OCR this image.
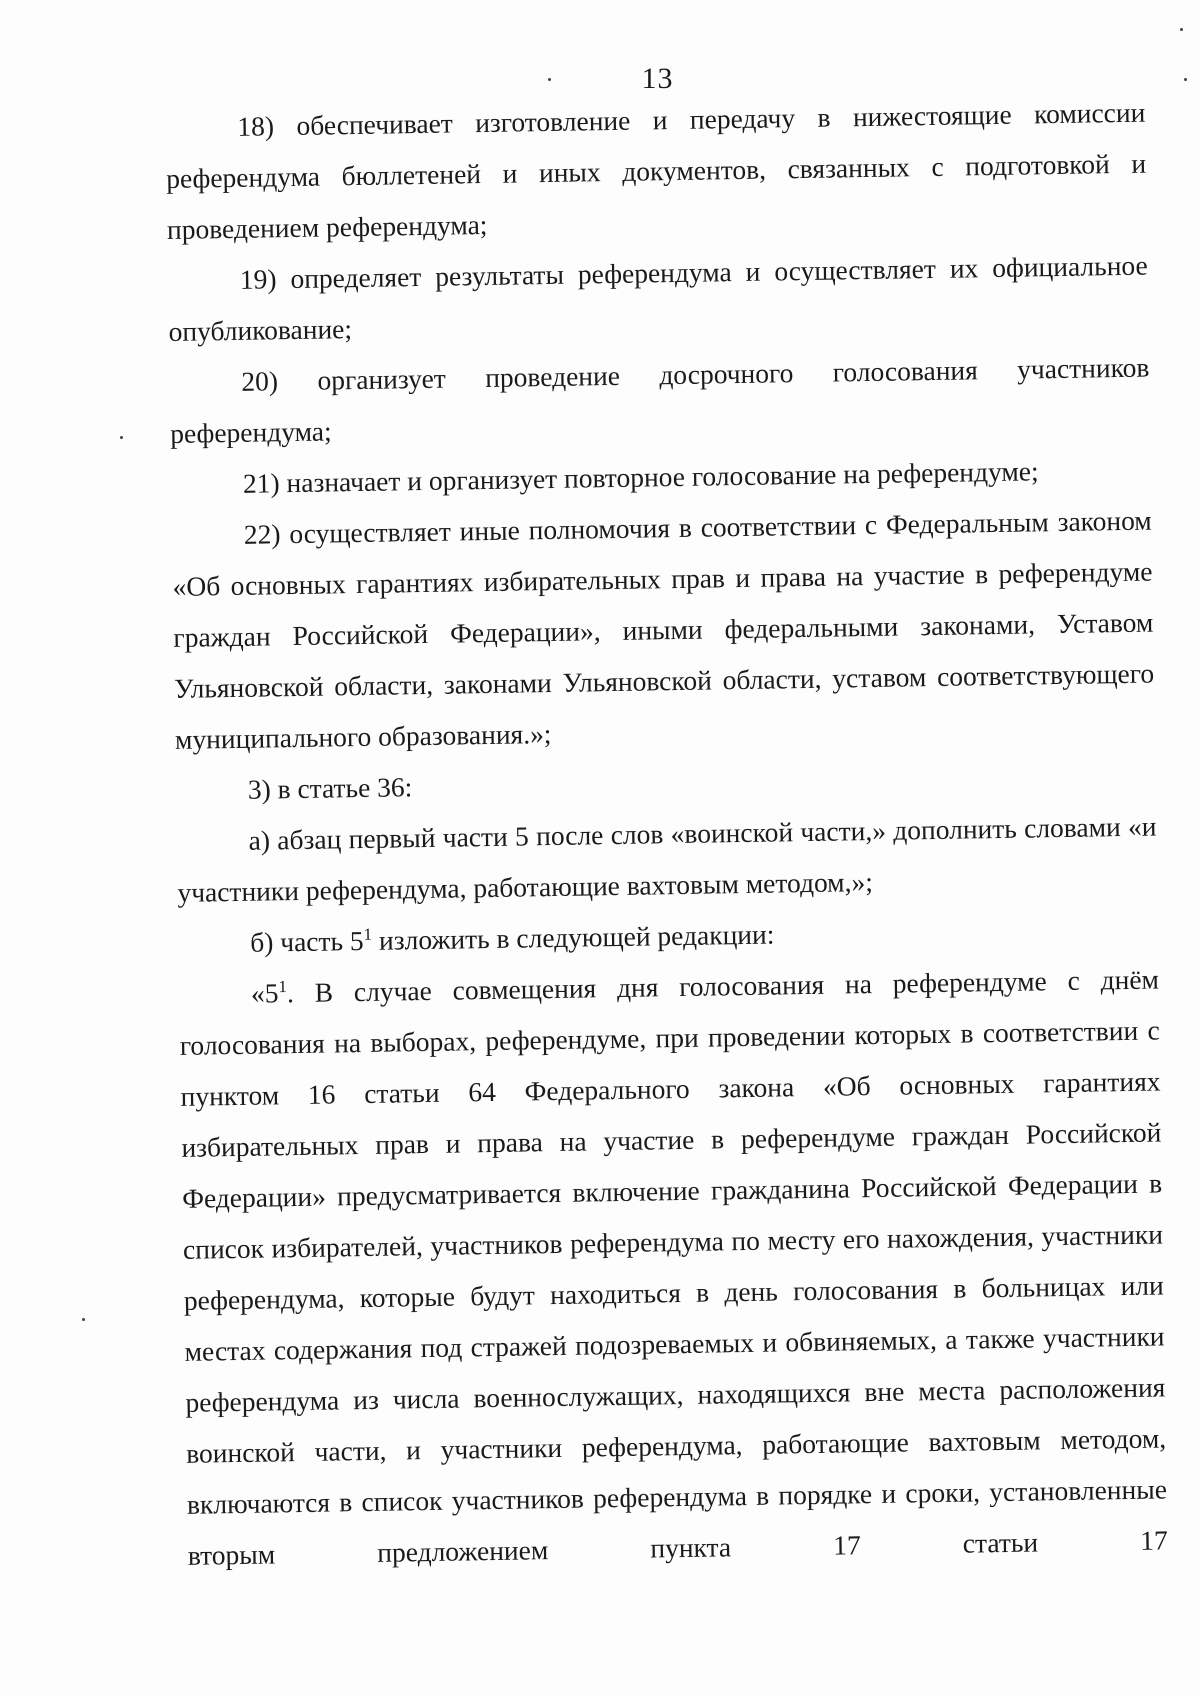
13

18) обеспечивает изготовление и передачу в нижестоящие комиссии референдума бюллетеней и иных документов, связанных с подготовкой и проведением референдума;

19) определяет результаты референдума и осуществляет их официальное опубликование;

20) организует проведение досрочного голосования участников референдума;

21) назначает и организует повторное голосование на референдуме;

22) осуществляет иные полномочия в соответствии с Федеральным законом «Об основных гарантиях избирательных прав и права на участие в референдуме граждан Российской Федерации», иными федеральными законами, Уставом Ульяновской области, законами Ульяновской области, уставом соответствующего муниципального образования.»;

3) в статье 36:

а) абзац первый части 5 после слов «воинской части,» дополнить словами «и участники референдума, работающие вахтовым методом,»;

б) часть $5^1$ изложить в следующей редакции:

«$5^1$. В случае совмещения дня голосования на референдуме с днём голосования на выборах, референдуме, при проведении которых в соответствии с пунктом 16 статьи 64 Федерального закона «Об основных гарантиях избирательных прав и права на участие в референдуме граждан Российской Федерации» предусматривается включение гражданина Российской Федерации в список избирателей, участников референдума по месту его нахождения, участники референдума, которые будут находиться в день голосования в больницах или местах содержания под стражей подозреваемых и обвиняемых, а также участники референдума из числа военнослужащих, находящихся вне места расположения воинской части, и участники референдума, работающие вахтовым методом, включаются в список участников референдума в порядке и сроки, установленные вторым предложением пункта 17 статьи 17
